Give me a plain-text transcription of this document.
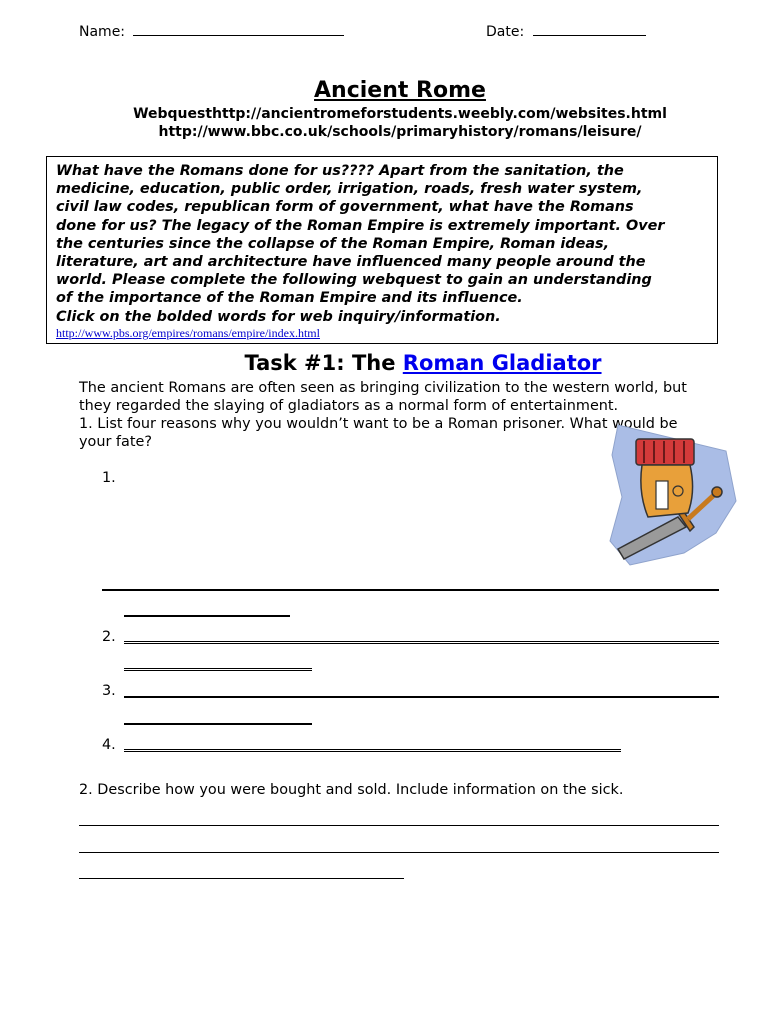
Name:	Date:
Ancient Rome
Webquesthttp://ancientromeforstudents.weebly.com/websites.html
http://www.bbc.co.uk/schools/primaryhistory/romans/leisure/
What have the Romans done for us???? Apart from the sanitation, the
medicine, education, public order, irrigation, roads, fresh water system,
civil law codes, republican form of government, what have the Romans
done for us? The legacy of the Roman Empire is extremely important. Over
the centuries since the collapse of the Roman Empire, Roman ideas,
literature, art and architecture have influenced many people around the
world. Please complete the following webquest to gain an understanding
of the importance of the Roman Empire and its influence.
Click on the bolded words for web inquiry/information.
http://www.pbs.org/empires/romans/empire/index.html
Task #1: The Roman Gladiator
The ancient Romans are often seen as bringing civilization to the western world, but
they regarded the slaying of gladiators as a normal form of entertainment.
1. List four reasons why you wouldn’t want to be a Roman prisoner. What would be
your fate?
1.
2.
3.
4.
2. Describe how you were bought and sold. Include information on the sick.
